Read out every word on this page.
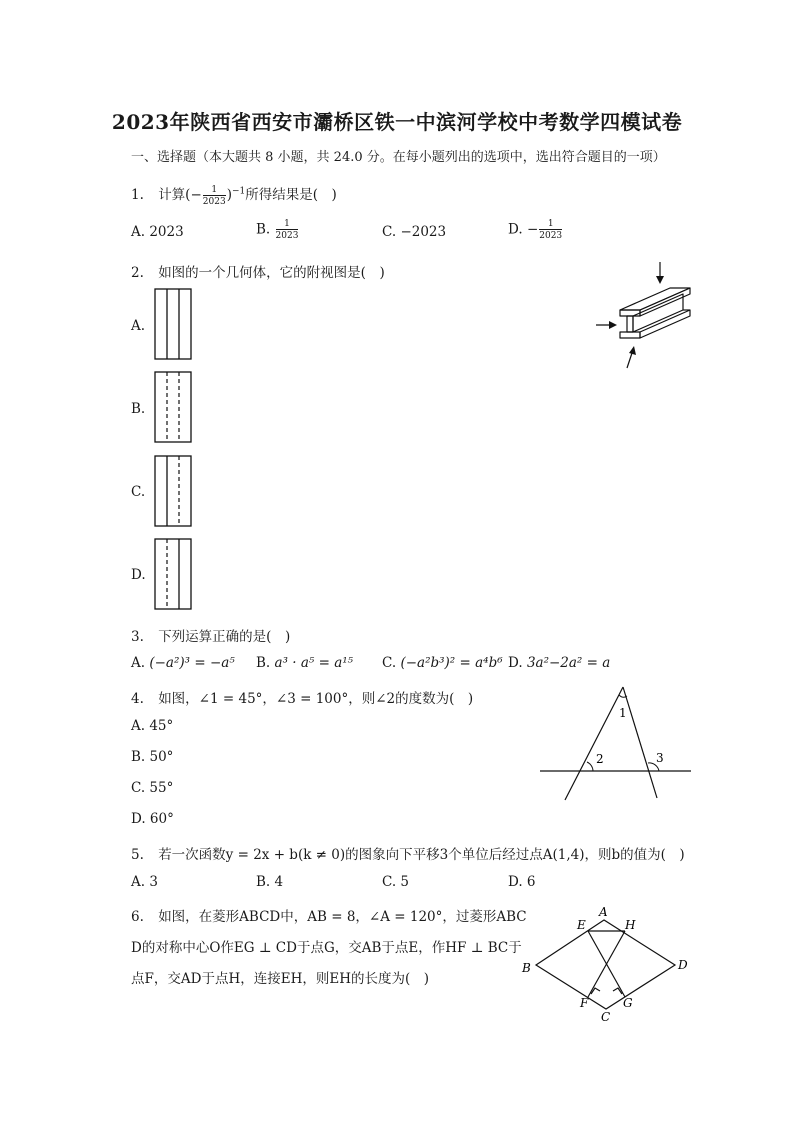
2023年陕西省西安市灞桥区铁一中滨河学校中考数学四模试卷
一、选择题（本大题共 8 小题，共 24.0 分。在每小题列出的选项中，选出符合题目的一项）
1. 计算(− $\frac{1}{2023} )^{-1}$所得结果是(　)
A. 2023	B. $\frac{1}{2023}$	C. −2023	D. − $\frac{1}{2023}$
2. 如图的一个几何体，它的附视图是(　)
A.
B.
C.
D.
3. 下列运算正确的是(　)
A. (−a²)³ = −a⁵ B. a³ · a⁵ = a¹⁵ C. (−a²b³)² = a⁴b⁶ D. 3a²−2a² = a
4. 如图，∠1 = 45°，∠3 = 100°，则∠2的度数为(　)
A. 45°
B. 50°
C. 55°
D. 60°
1
2	3
5. 若一次函数y = 2x + b(k ≠ 0)的图象向下平移3个单位后经过点A(1,4)，则b的值为(　)
A. 3	B. 4	C. 5	D. 6
6. 如图，在菱形ABCD中，AB = 8，∠A = 120°，过菱形ABC
D的对称中心O作EG ⊥ CD于点G，交AB于点E，作HF ⊥ BC于
点F，交AD于点H，连接EH，则EH的长度为(　)
A
B
C
D
E
F	G
H
